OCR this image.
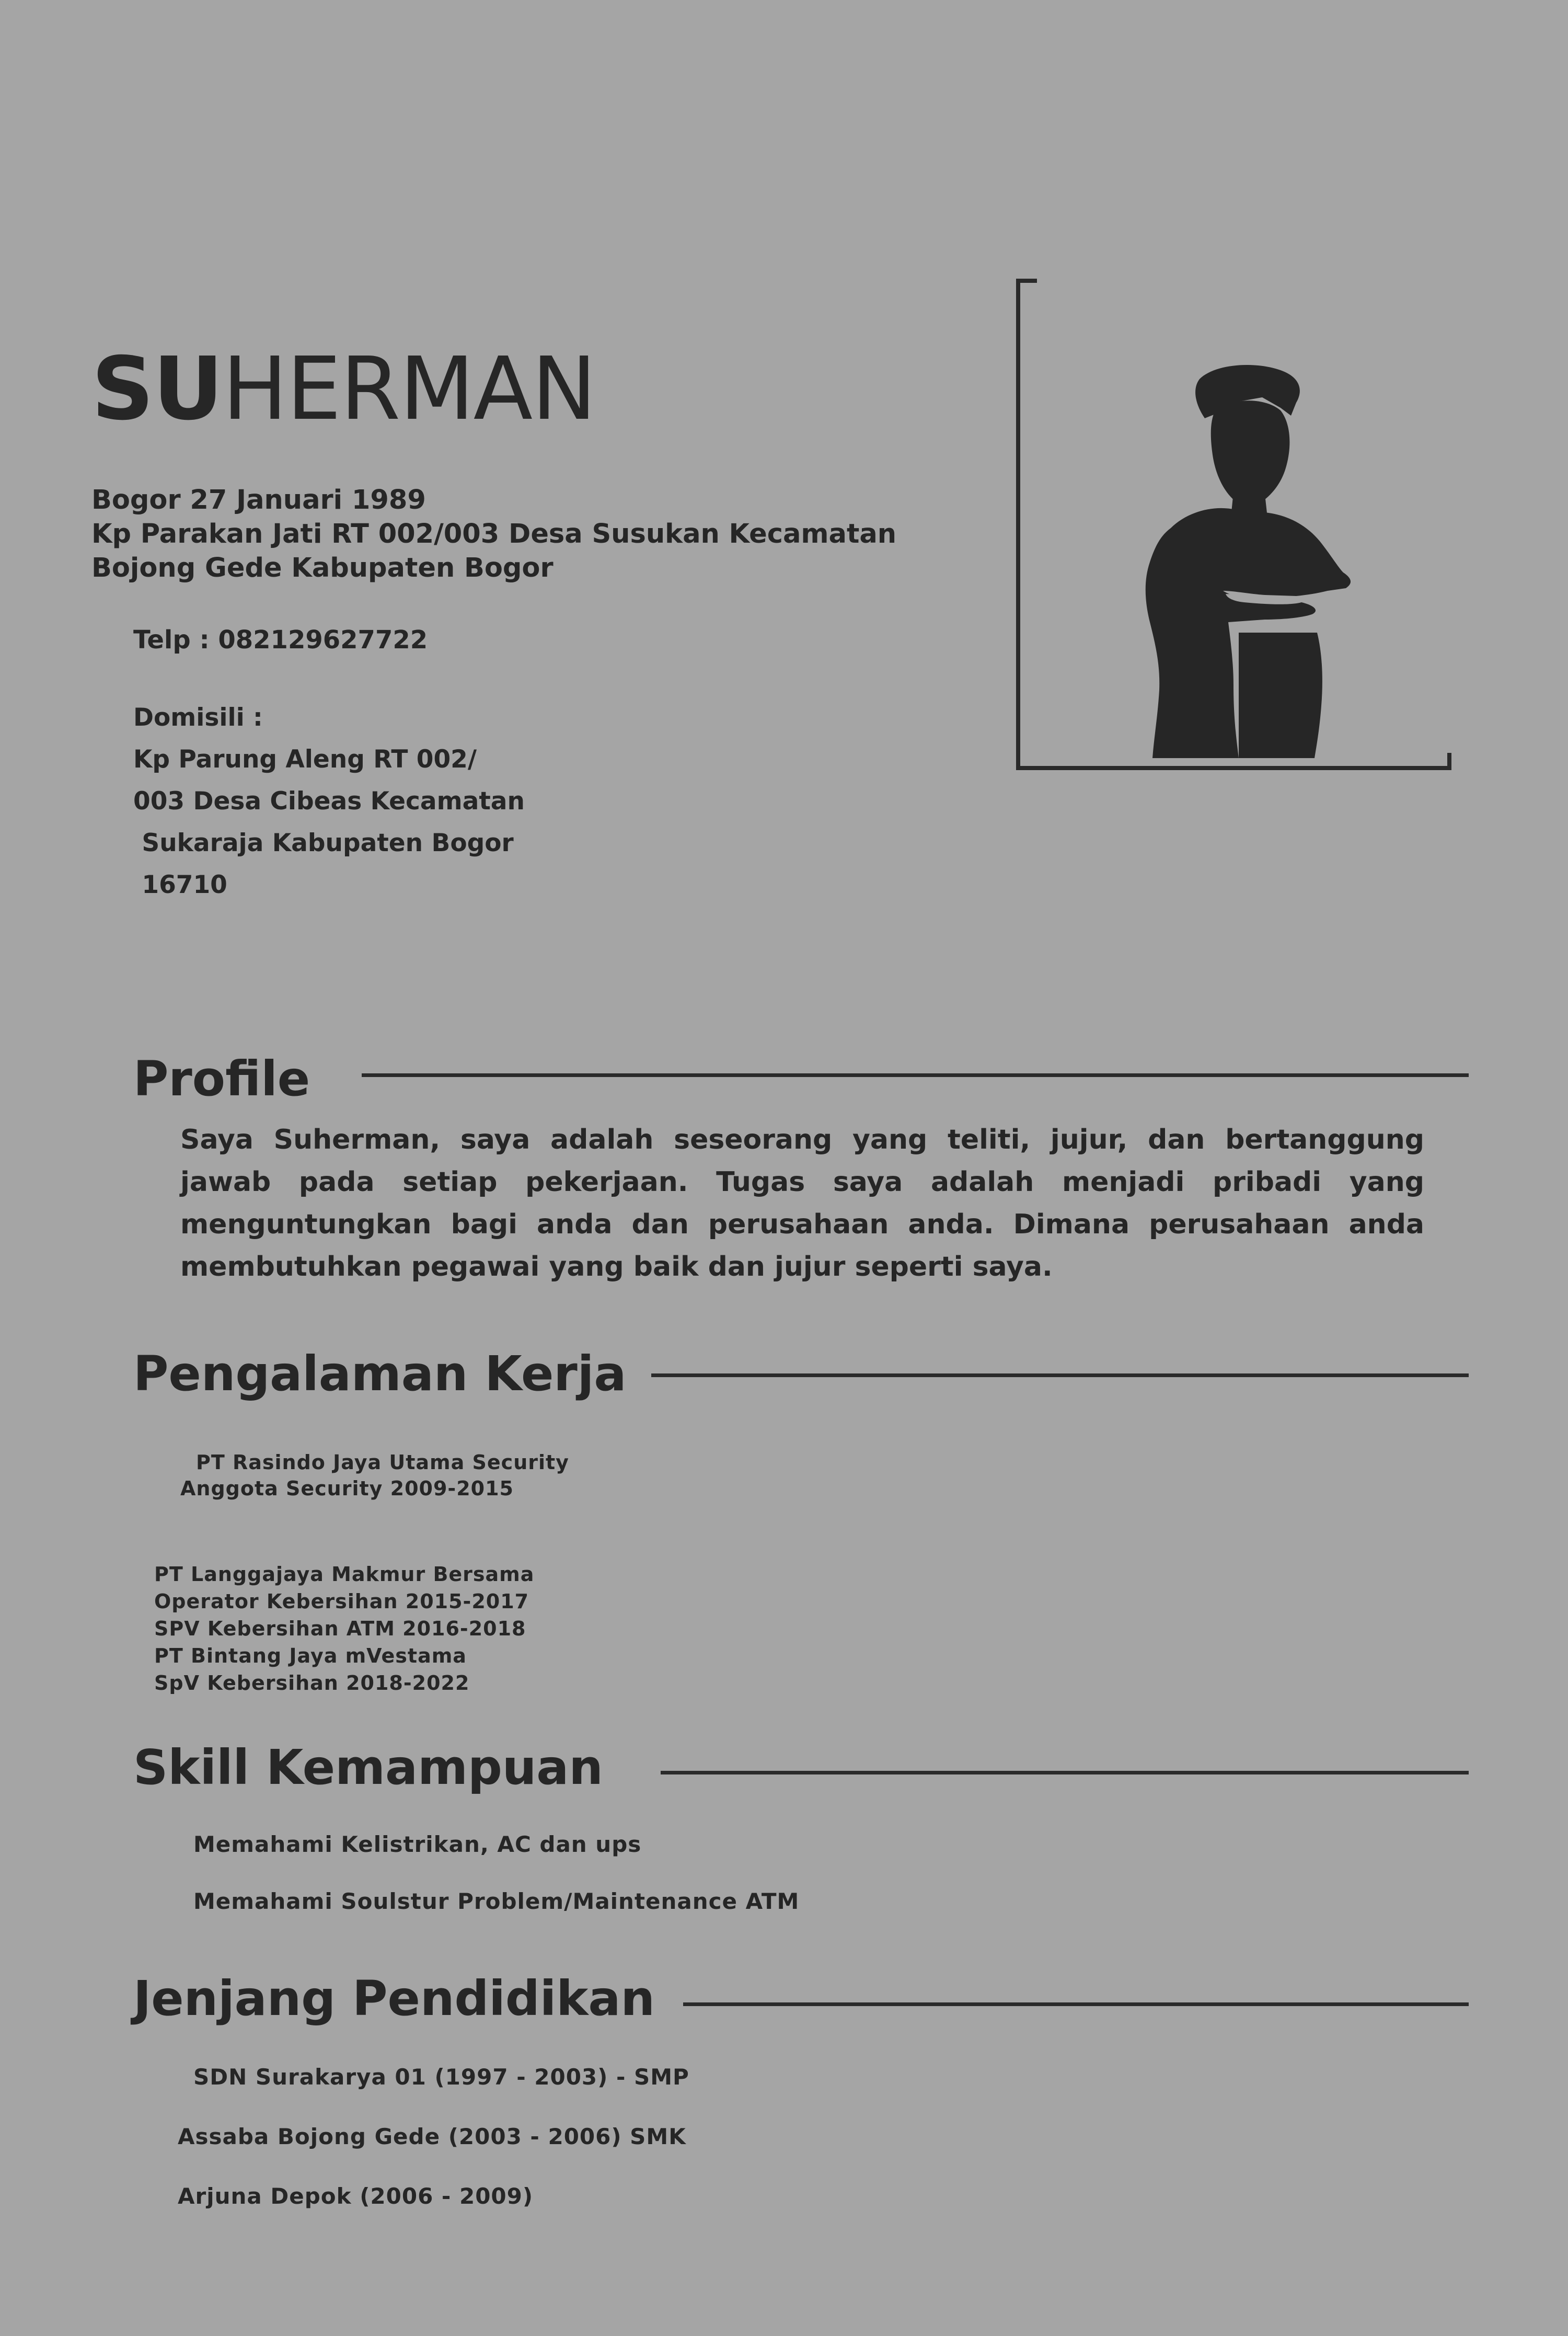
SUHERMAN
Bogor 27 Januari 1989
Kp Parakan Jati RT 002/003 Desa Susukan Kecamatan
Bojong Gede Kabupaten Bogor
Telp : 082129627722
Domisili :
Kp Parung Aleng RT 002/
003 Desa Cibeas Kecamatan
Sukaraja Kabupaten Bogor
16710
Profile
Saya Suherman, saya adalah seseorang yang teliti, jujur, dan bertanggung jawab pada setiap pekerjaan. Tugas saya adalah menjadi pribadi yang menguntungkan bagi anda dan perusahaan anda. Dimana perusahaan anda membutuhkan pegawai yang baik dan jujur seperti saya.
Pengalaman Kerja
PT Rasindo Jaya Utama Security
Anggota Security 2009-2015
PT Langgajaya Makmur Bersama
Operator Kebersihan 2015-2017
SPV Kebersihan ATM 2016-2018
PT Bintang Jaya mVestama
SpV Kebersihan 2018-2022
Skill Kemampuan
Memahami Kelistrikan, AC dan ups
Memahami Soulstur Problem/Maintenance ATM
Jenjang Pendidikan
SDN Surakarya 01 (1997 - 2003) - SMP
Assaba Bojong Gede (2003 - 2006) SMK
Arjuna Depok (2006 - 2009)
